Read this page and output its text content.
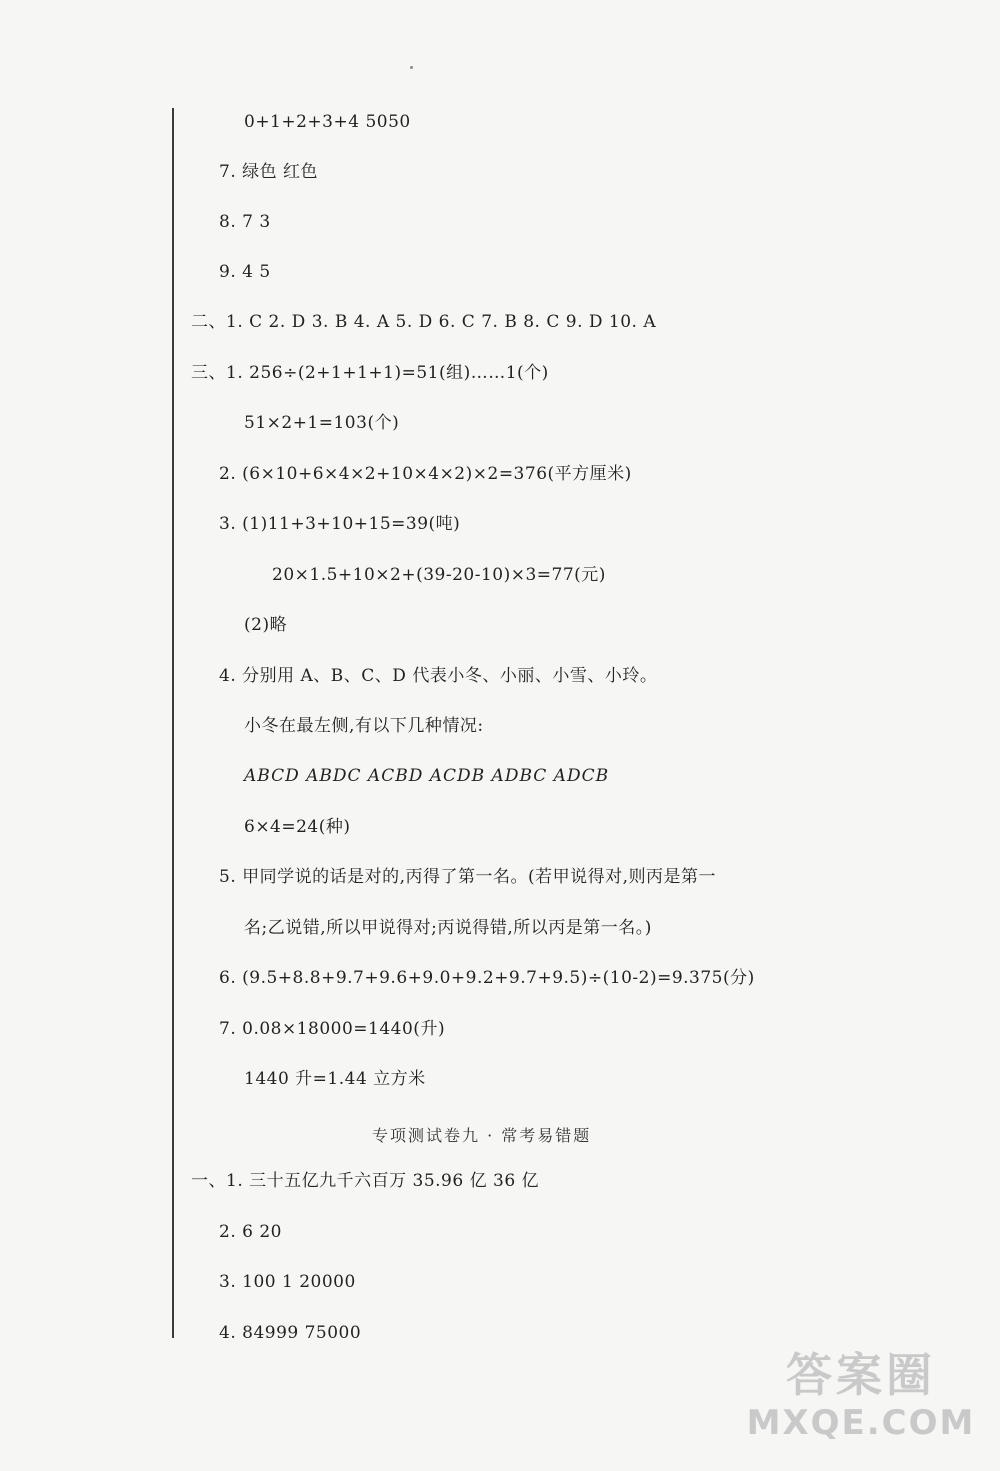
0+1+2+3+4 5050
7. 绿色 红色
8. 7 3
9. 4 5
二、1. C 2. D 3. B 4. A 5. D 6. C 7. B 8. C 9. D 10. A
三、1. 256÷(2+1+1+1)=51(组)……1(个)
51×2+1=103(个)
2. (6×10+6×4×2+10×4×2)×2=376(平方厘米)
3. (1)11+3+10+15=39(吨)
20×1.5+10×2+(39-20-10)×3=77(元)
(2)略
4. 分别用 A、B、C、D 代表小冬、小丽、小雪、小玲。
小冬在最左侧,有以下几种情况:
ABCD ABDC ACBD ACDB ADBC ADCB
6×4=24(种)
5. 甲同学说的话是对的,丙得了第一名。(若甲说得对,则丙是第一
名;乙说错,所以甲说得对;丙说得错,所以丙是第一名。)
6. (9.5+8.8+9.7+9.6+9.0+9.2+9.7+9.5)÷(10-2)=9.375(分)
7. 0.08×18000=1440(升)
1440 升=1.44 立方米
专项测试卷九 · 常考易错题
一、1. 三十五亿九千六百万 35.96 亿 36 亿
2. 6 20
3. 100 1 20000
4. 84999 75000
答案圈
MXQE.COM
